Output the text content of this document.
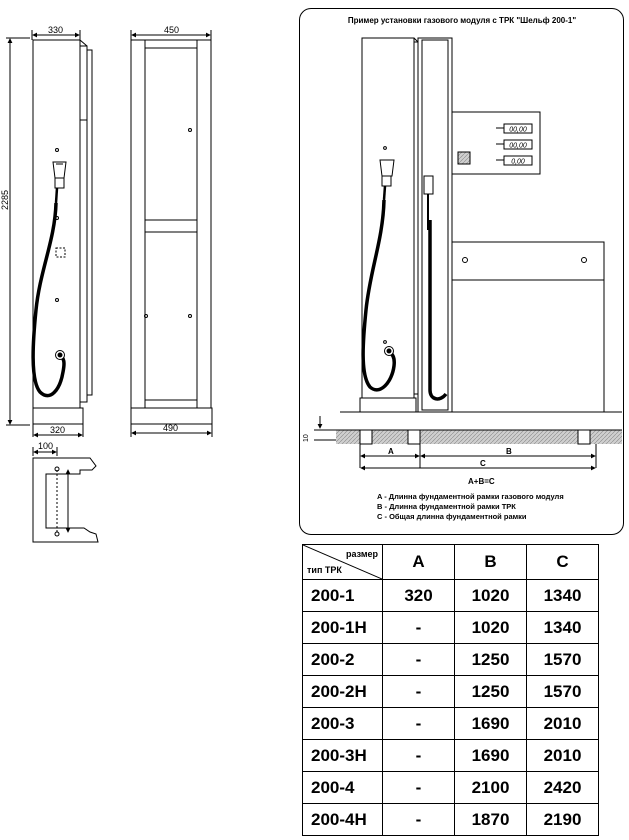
330
2285
320
450
490
100
Пример установки газового модуля с ТРК "Шельф 200-1"
00,00
00,00
0,00
10
A	B
C
A+B=C
A - Длинна фундаментной рамки газового модуля
B - Длинна фундаментной рамки ТРК
C - Общая длинна фундаментной рамки
размер
тип ТРК	A	B	C
200-1	320	1020	1340
200-1H	-	1020	1340
200-2	-	1250	1570
200-2H	-	1250	1570
200-3	-	1690	2010
200-3H	-	1690	2010
200-4	-	2100	2420
200-4H	-	1870	2190
